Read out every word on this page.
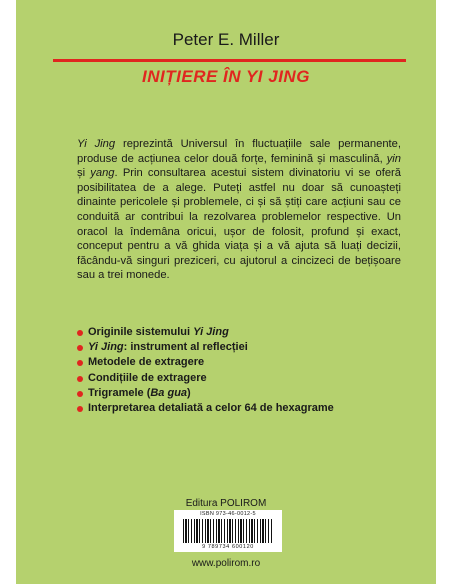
Peter E. Miller
INIȚIERE ÎN YI JING
Yi Jing reprezintă Universul în fluctuațiile sale permanente, produse de acțiunea celor două forțe, feminină și masculină, yin și yang. Prin consultarea acestui sistem divinatoriu vi se oferă posibilitatea de a alege. Puteți astfel nu doar să cunoașteți dinainte pericolele și problemele, ci și să știți care acțiuni sau ce conduită ar contribui la rezolvarea problemelor respective. Un oracol la îndemâna oricui, ușor de folosit, profund și exact, conceput pentru a vă ghida viața și a vă ajuta să luați decizii, făcându-vă singuri preziceri, cu ajutorul a cincizeci de bețișoare sau a trei monede.
Originile sistemului Yi Jing
Yi Jing: instrument al reflecției
Metodele de extragere
Condițiile de extragere
Trigramele (Ba gua)
Interpretarea detaliată a celor 64 de hexagrame
Editura POLIROM
ISBN 973-46-0012-5
9 789734 600120
www.polirom.ro
